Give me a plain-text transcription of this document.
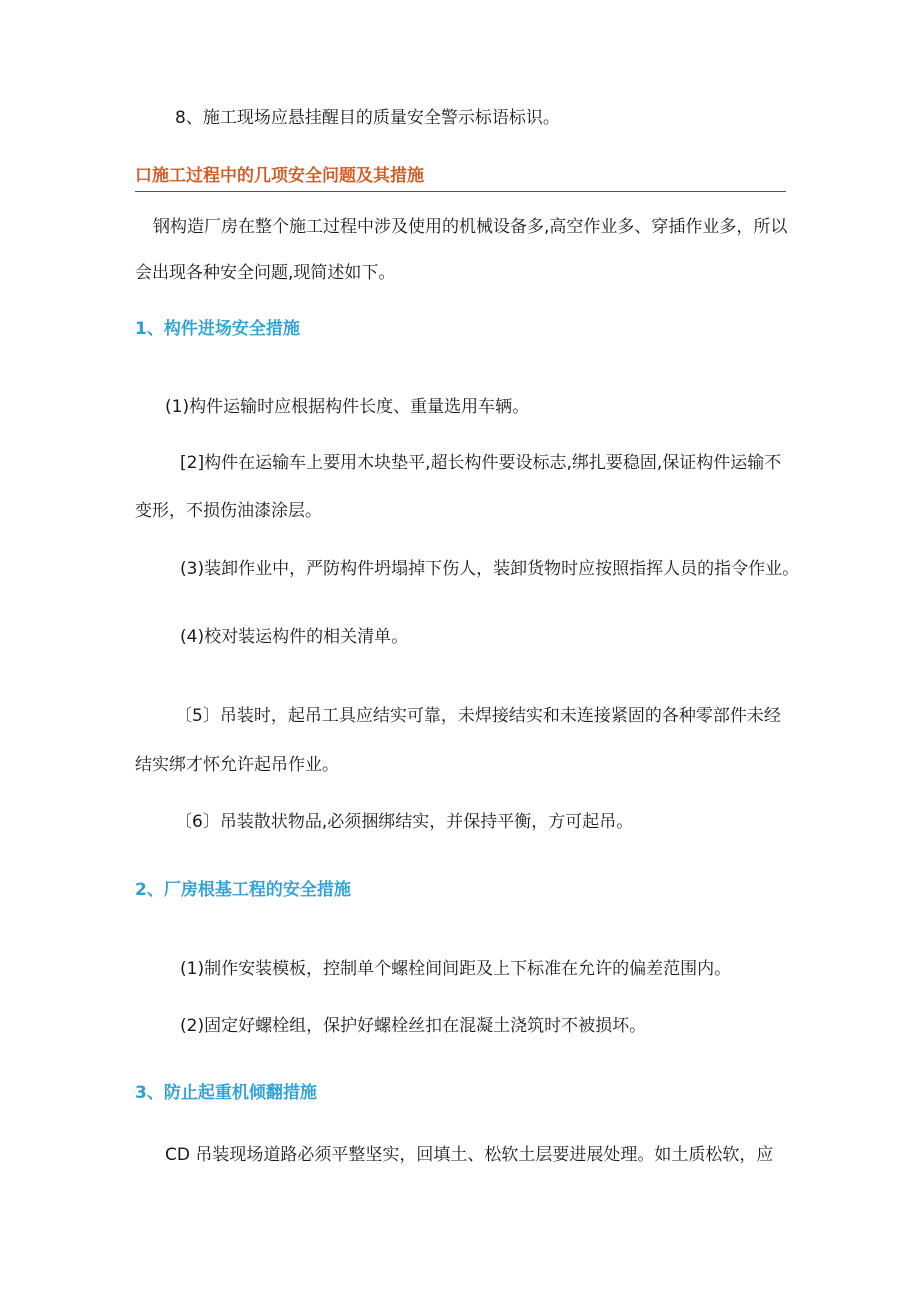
8、施工现场应悬挂醒目的质量安全警示标语标识。
口施工过程中的几项安全问题及其措施
钢构造厂房在整个施工过程中涉及使用的机械设备多,高空作业多、穿插作业多，所以
会出现各种安全问题,现简述如下。
1、构件进场安全措施
(1)构件运输时应根据构件长度、重量选用车辆。
[2]构件在运输车上要用木块垫平,超长构件要设标志,绑扎要稳固,保证构件运输不
变形，不损伤油漆涂层。
(3)装卸作业中，严防构件坍塌掉下伤人，装卸货物时应按照指挥人员的指令作业。
(4)校对装运构件的相关清单。
〔5〕吊装时，起吊工具应结实可靠，未焊接结实和未连接紧固的各种零部件未经
结实绑才怀允许起吊作业。
〔6〕吊装散状物品,必须捆绑结实，并保持平衡，方可起吊。
2、厂房根基工程的安全措施
(1)制作安装模板，控制单个螺栓间间距及上下标准在允许的偏差范围内。
(2)固定好螺栓组，保护好螺栓丝扣在混凝土浇筑时不被损坏。
3、防止起重机倾翻措施
CD 吊装现场道路必须平整坚实，回填土、松软土层要进展处理。如土质松软，应
